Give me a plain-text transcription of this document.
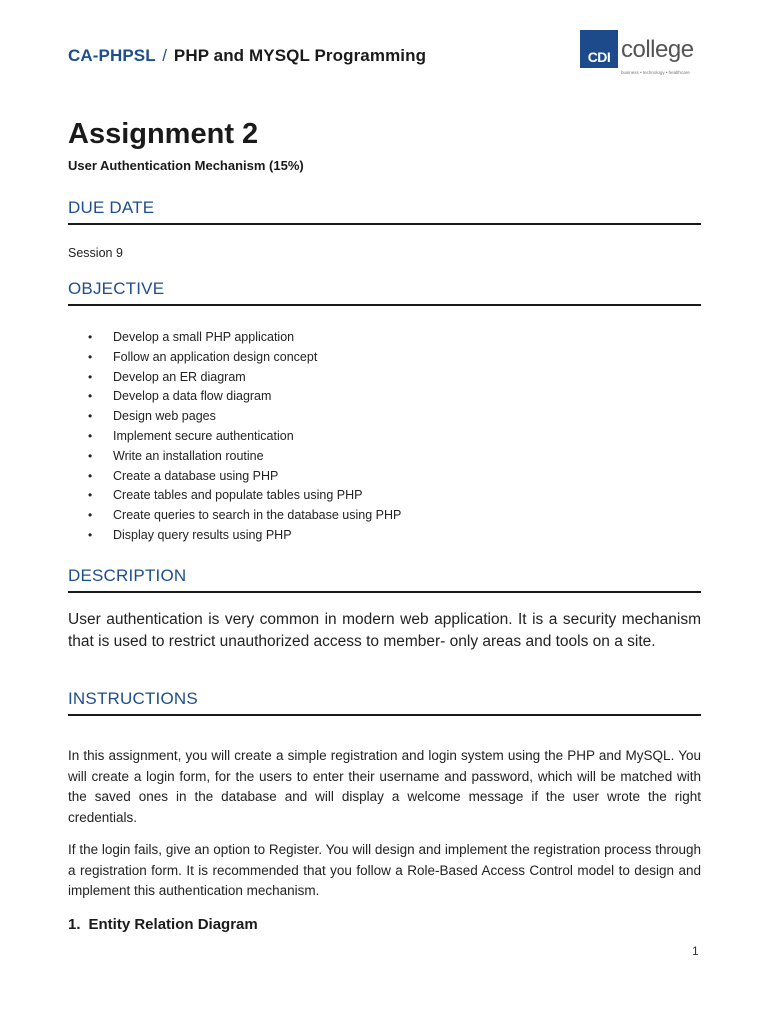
CA-PHPSL / PHP and MYSQL Programming	CDI college
business • technology • healthcare
Assignment 2
User Authentication Mechanism (15%)
DUE DATE
Session 9
OBJECTIVE
• Develop a small PHP application
• Follow an application design concept
• Develop an ER diagram
• Develop a data flow diagram
• Design web pages
• Implement secure authentication
• Write an installation routine
• Create a database using PHP
• Create tables and populate tables using PHP
• Create queries to search in the database using PHP
• Display query results using PHP
DESCRIPTION

User authentication is very common in modern web application. It is a security mechanism that is used to restrict unauthorized access to member- only areas and tools on a site.

INSTRUCTIONS

In this assignment, you will create a simple registration and login system using the PHP and MySQL. You will create a login form, for the users to enter their username and password, which will be matched with the saved ones in the database and will display a welcome message if the user wrote the right credentials.

If the login fails, give an option to Register. You will design and implement the registration process through a registration form. It is recommended that you follow a Role-Based Access Control model to design and implement this authentication mechanism.

1. Entity Relation Diagram
1
